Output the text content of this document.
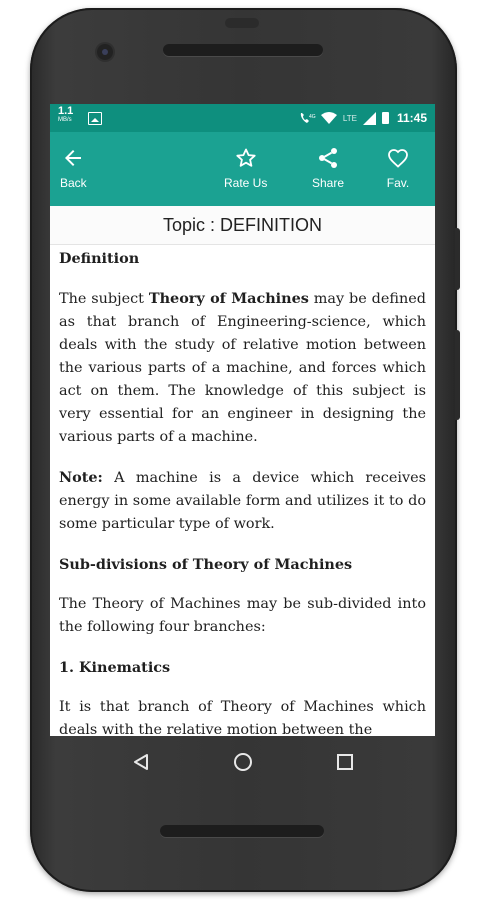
1.1
MB/s	4G	LTE	11:45
Back	Rate Us	Share	Fav.
Topic : DEFINITION

Definition

The subject Theory of Machines may be defined as that branch of Engineering-science, which deals with the study of relative motion between the various parts of a machine, and forces which act on them. The knowledge of this subject is very essential for an engineer in designing the various parts of a machine.

Note: A machine is a device which receives energy in some available form and utilizes it to do some particular type of work.

Sub-divisions of Theory of Machines

The Theory of Machines may be sub-divided into the following four branches:

1. Kinematics

It is that branch of Theory of Machines which deals with the relative motion between the
